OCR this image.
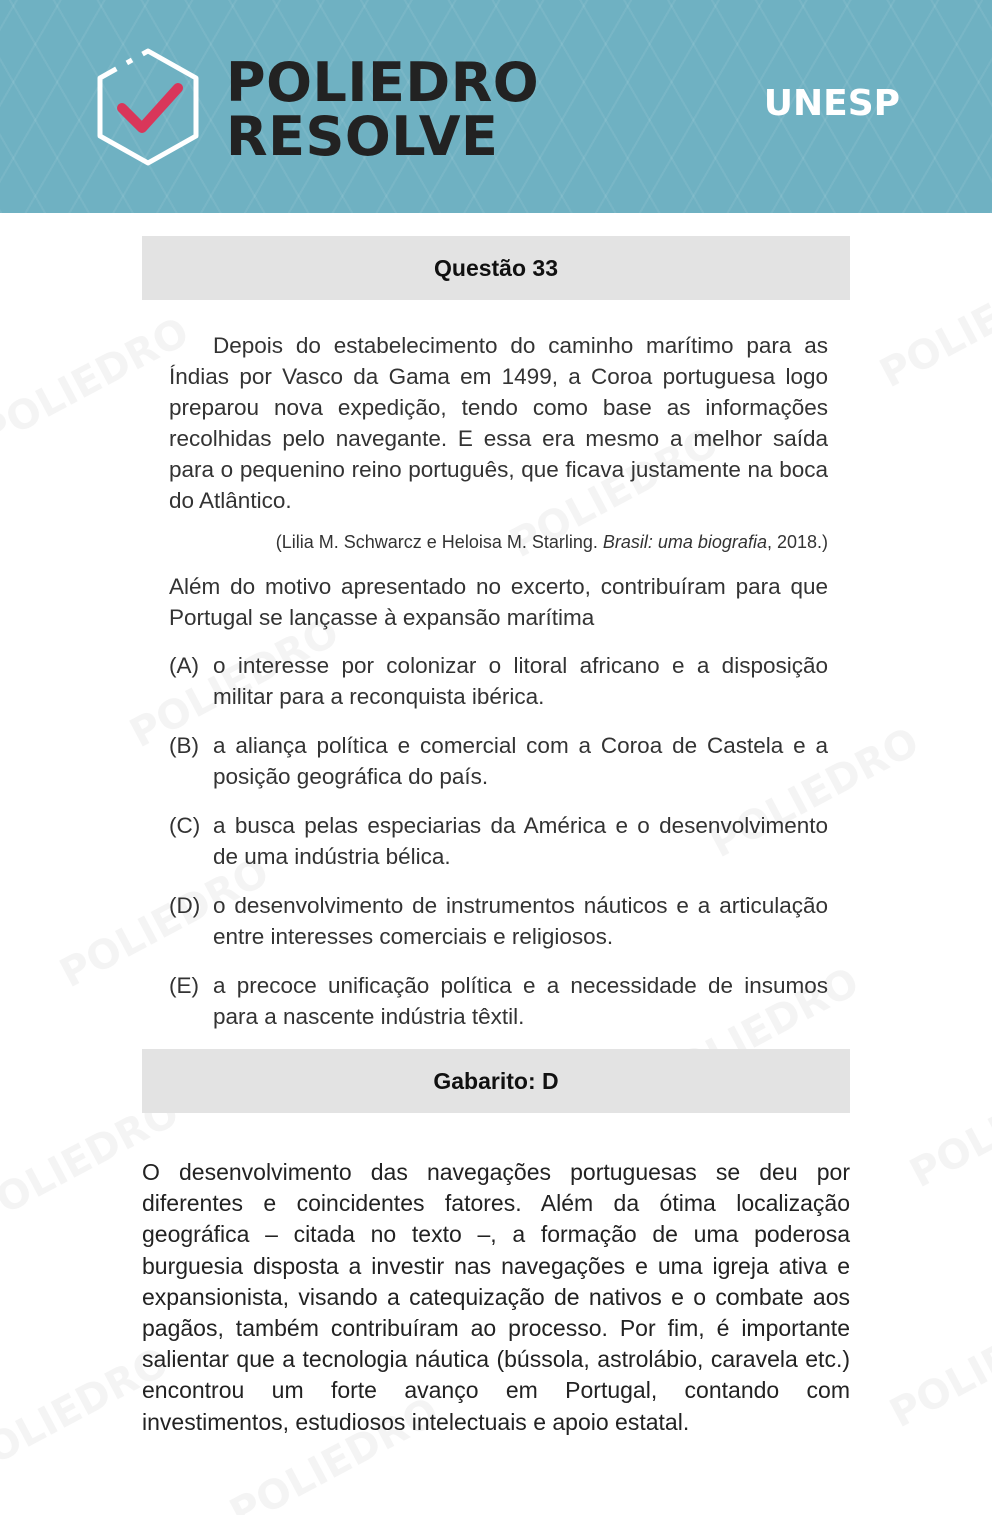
POLIEDRO
RESOLVE
UNESP
Questão 33
Depois do estabelecimento do caminho marítimo para as Índias por Vasco da Gama em 1499, a Coroa portuguesa logo preparou nova expedição, tendo como base as informações recolhidas pelo navegante. E essa era mesmo a melhor saída para o pequenino reino português, que ficava justamente na boca do Atlântico.
(Lilia M. Schwarcz e Heloisa M. Starling. Brasil: uma biografia, 2018.)
Além do motivo apresentado no excerto, contribuíram para que Portugal se lançasse à expansão marítima
(A) o interesse por colonizar o litoral africano e a disposição militar para a reconquista ibérica.
(B) a aliança política e comercial com a Coroa de Castela e a posição geográfica do país.
(C) a busca pelas especiarias da América e o desenvolvimento de uma indústria bélica.
(D) o desenvolvimento de instrumentos náuticos e a articulação entre interesses comerciais e religiosos.
(E) a precoce unificação política e a necessidade de insumos para a nascente indústria têxtil.
Gabarito: D
O desenvolvimento das navegações portuguesas se deu por diferentes e coincidentes fatores. Além da ótima localização geográfica – citada no texto –, a formação de uma poderosa burguesia disposta a investir nas navegações e uma igreja ativa e expansionista, visando a catequização de nativos e o combate aos pagãos, também contribuíram ao processo. Por fim, é importante salientar que a tecnologia náutica (bússola, astrolábio, caravela etc.) encontrou um forte avanço em Portugal, contando com investimentos, estudiosos intelectuais e apoio estatal.
